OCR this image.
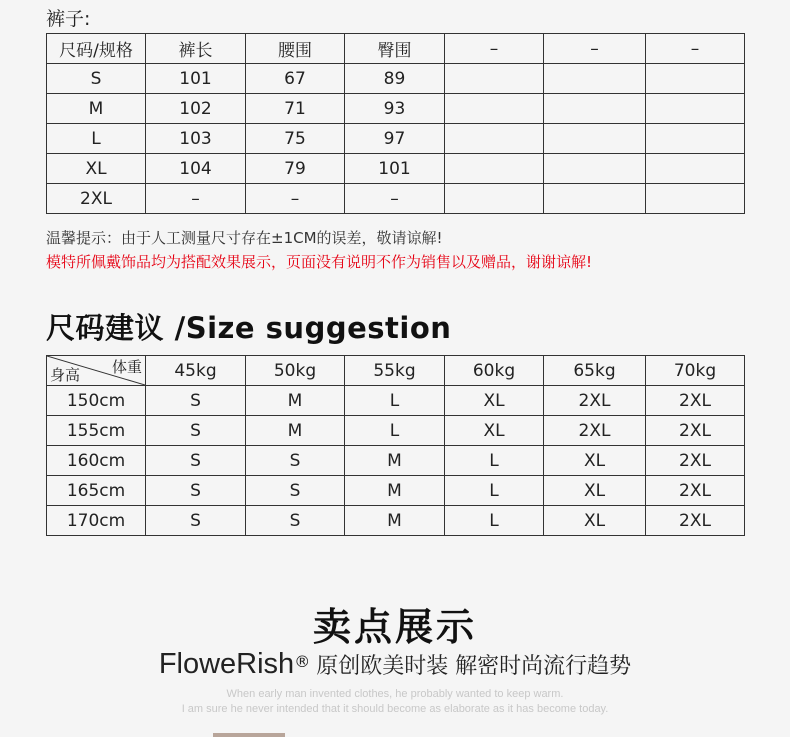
裤子:
尺码/规格	裤长	腰围	臀围	–	–	–
S	101	67	89			
M	102	71	93			
L	103	75	97			
XL	104	79	101			
2XL	–	–	–			
温馨提示：由于人工测量尺寸存在±1CM的误差，敬请谅解!
模特所佩戴饰品均为搭配效果展示，页面没有说明不作为销售以及赠品，谢谢谅解!
尺码建议 /Size suggestion
体重
身高	45kg	50kg	55kg	60kg	65kg	70kg
150cm	S	M	L	XL	2XL	2XL
155cm	S	M	L	XL	2XL	2XL
160cm	S	S	M	L	XL	2XL
165cm	S	S	M	L	XL	2XL
170cm	S	S	M	L	XL	2XL
卖点展示
FloweRish® 原创欧美时装 解密时尚流行趋势
When early man invented clothes, he probably wanted to keep warm.
I am sure he never intended that it should become as elaborate as it has become today.
